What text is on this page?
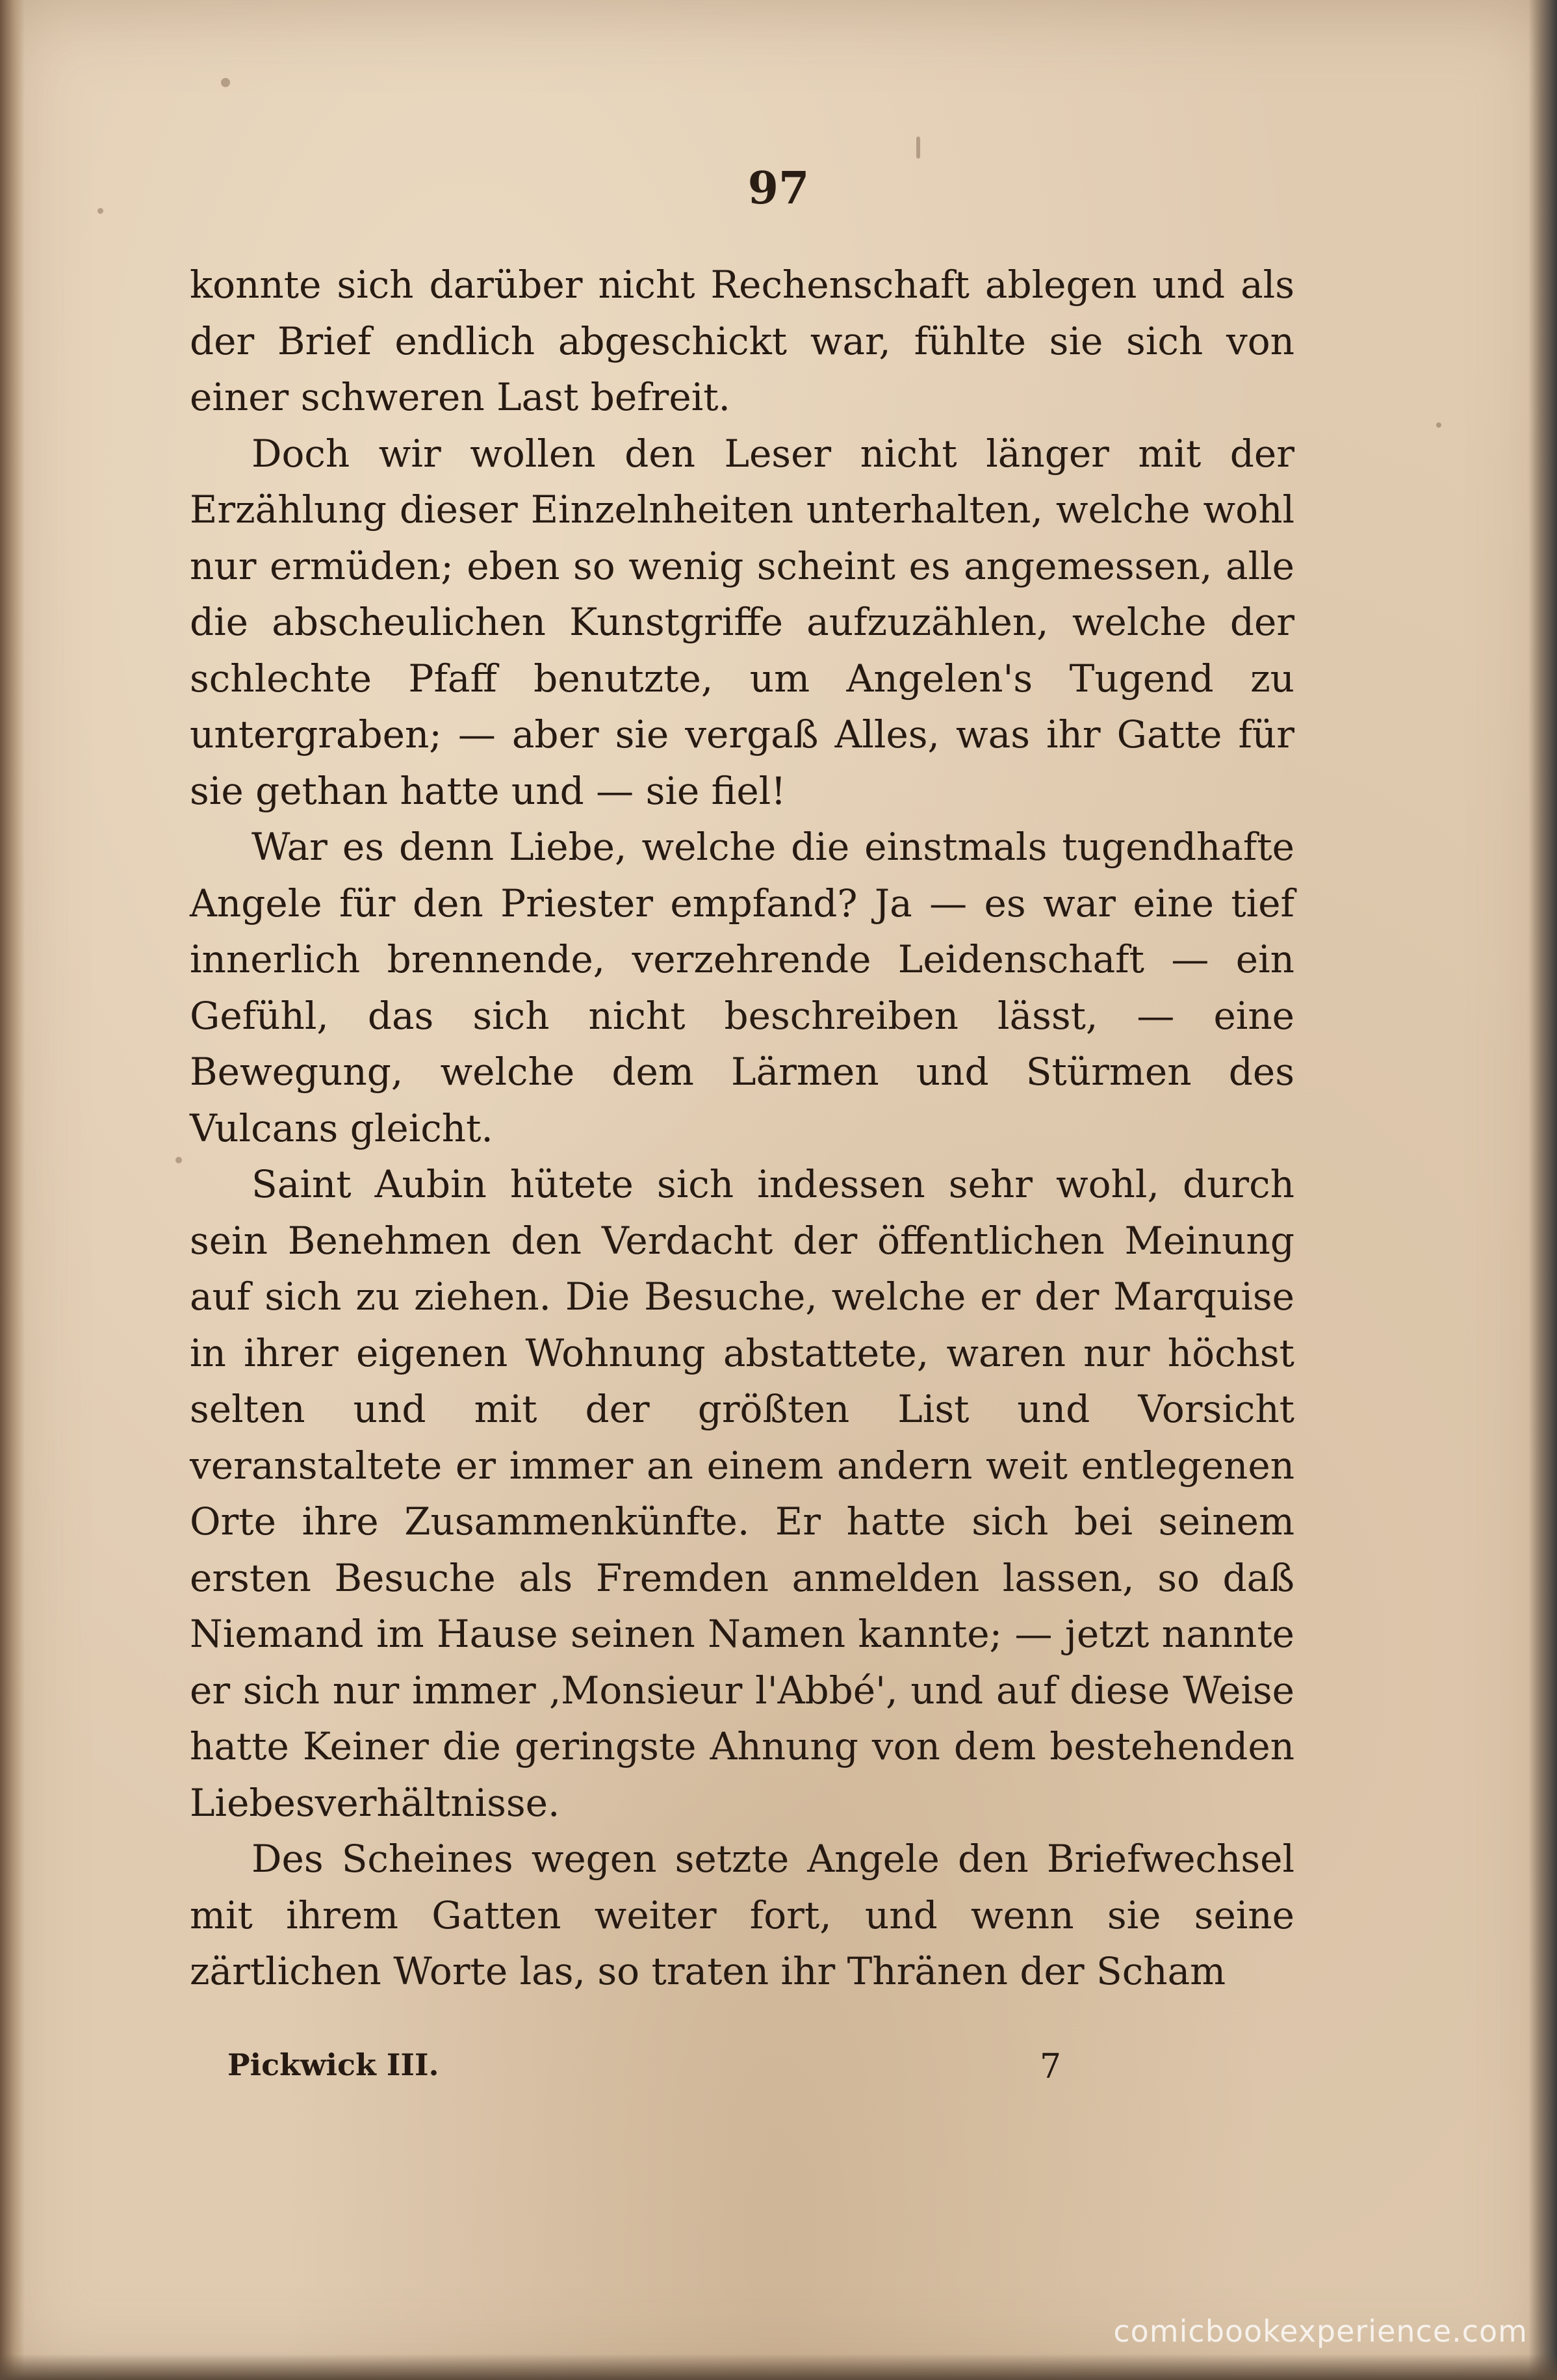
97

konnte sich darüber nicht Rechenschaft ablegen und als der Brief endlich abgeschickt war, fühlte sie sich von einer schweren Last befreit.

Doch wir wollen den Leser nicht länger mit der Erzählung dieser Einzelnheiten unterhalten, welche wohl nur ermüden; eben so wenig scheint es angemessen, alle die abscheulichen Kunstgriffe aufzuzählen, welche der schlechte Pfaff benutzte, um Angelen's Tugend zu untergraben; — aber sie vergaß Alles, was ihr Gatte für sie gethan hatte und — sie fiel!

War es denn Liebe, welche die einstmals tugendhafte Angele für den Priester empfand? Ja — es war eine tief innerlich brennende, verzehrende Leidenschaft — ein Gefühl, das sich nicht beschreiben lässt, — eine Bewegung, welche dem Lärmen und Stürmen des Vulcans gleicht.

Saint Aubin hütete sich indessen sehr wohl, durch sein Benehmen den Verdacht der öffentlichen Meinung auf sich zu ziehen. Die Besuche, welche er der Marquise in ihrer eigenen Wohnung abstattete, waren nur höchst selten und mit der größten List und Vorsicht veranstaltete er immer an einem andern weit entlegenen Orte ihre Zusammenkünfte. Er hatte sich bei seinem ersten Besuche als Fremden anmelden lassen, so daß Niemand im Hause seinen Namen kannte; — jetzt nannte er sich nur immer ‚Monsieur l'Abbé', und auf diese Weise hatte Keiner die geringste Ahnung von dem bestehenden Liebesverhältnisse.

Des Scheines wegen setzte Angele den Briefwechsel mit ihrem Gatten weiter fort, und wenn sie seine zärtlichen Worte las, so traten ihr Thränen der Scham

Pickwick III.	7
comicbookexperience.com
